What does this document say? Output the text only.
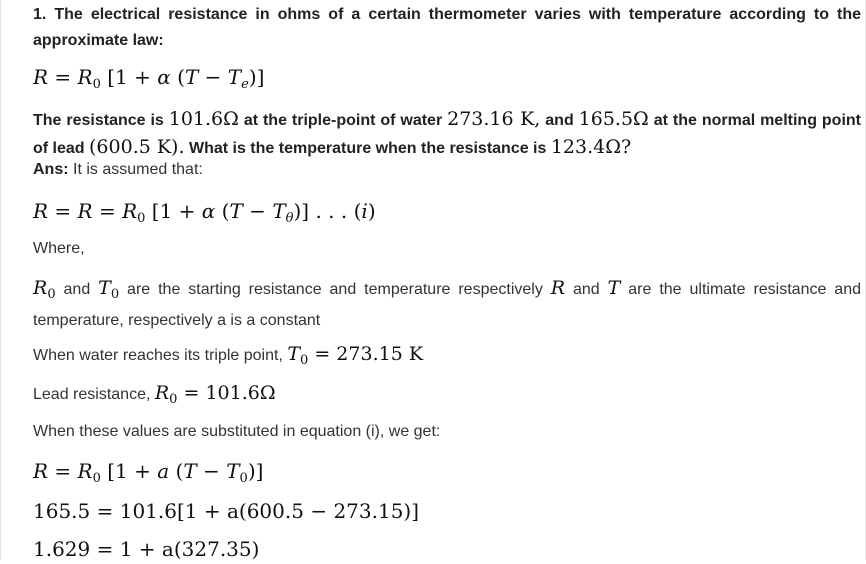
1. The electrical resistance in ohms of a certain thermometer varies with temperature according to the approximate law:

$R = R_0$ [1 + α $(T - T_e)$]

The resistance is 101.6Ω at the triple-point of water 273.16 K, and 165.5Ω at the normal melting point of lead (600.5 K). What is the temperature when the resistance is 123.4Ω?

Ans: It is assumed that:

$R = R = R_0$ [1 + α $(T - T_\theta)$] . . . (i)

Where,

$R_0$ and $T_0$ are the starting resistance and temperature respectively R and T are the ultimate resistance and temperature, respectively a is a constant

When water reaches its triple point, $T_0 = 273.15$ K

Lead resistance, $R_0 = 101.6\Omega$

When these values are substituted in equation (i), we get:

$R = R_0$ [1 + a $(T - T_0)$]
165.5 = 101.6[1 + a(600.5 − 273.15)]
1.629 = 1 + a(327.35)
